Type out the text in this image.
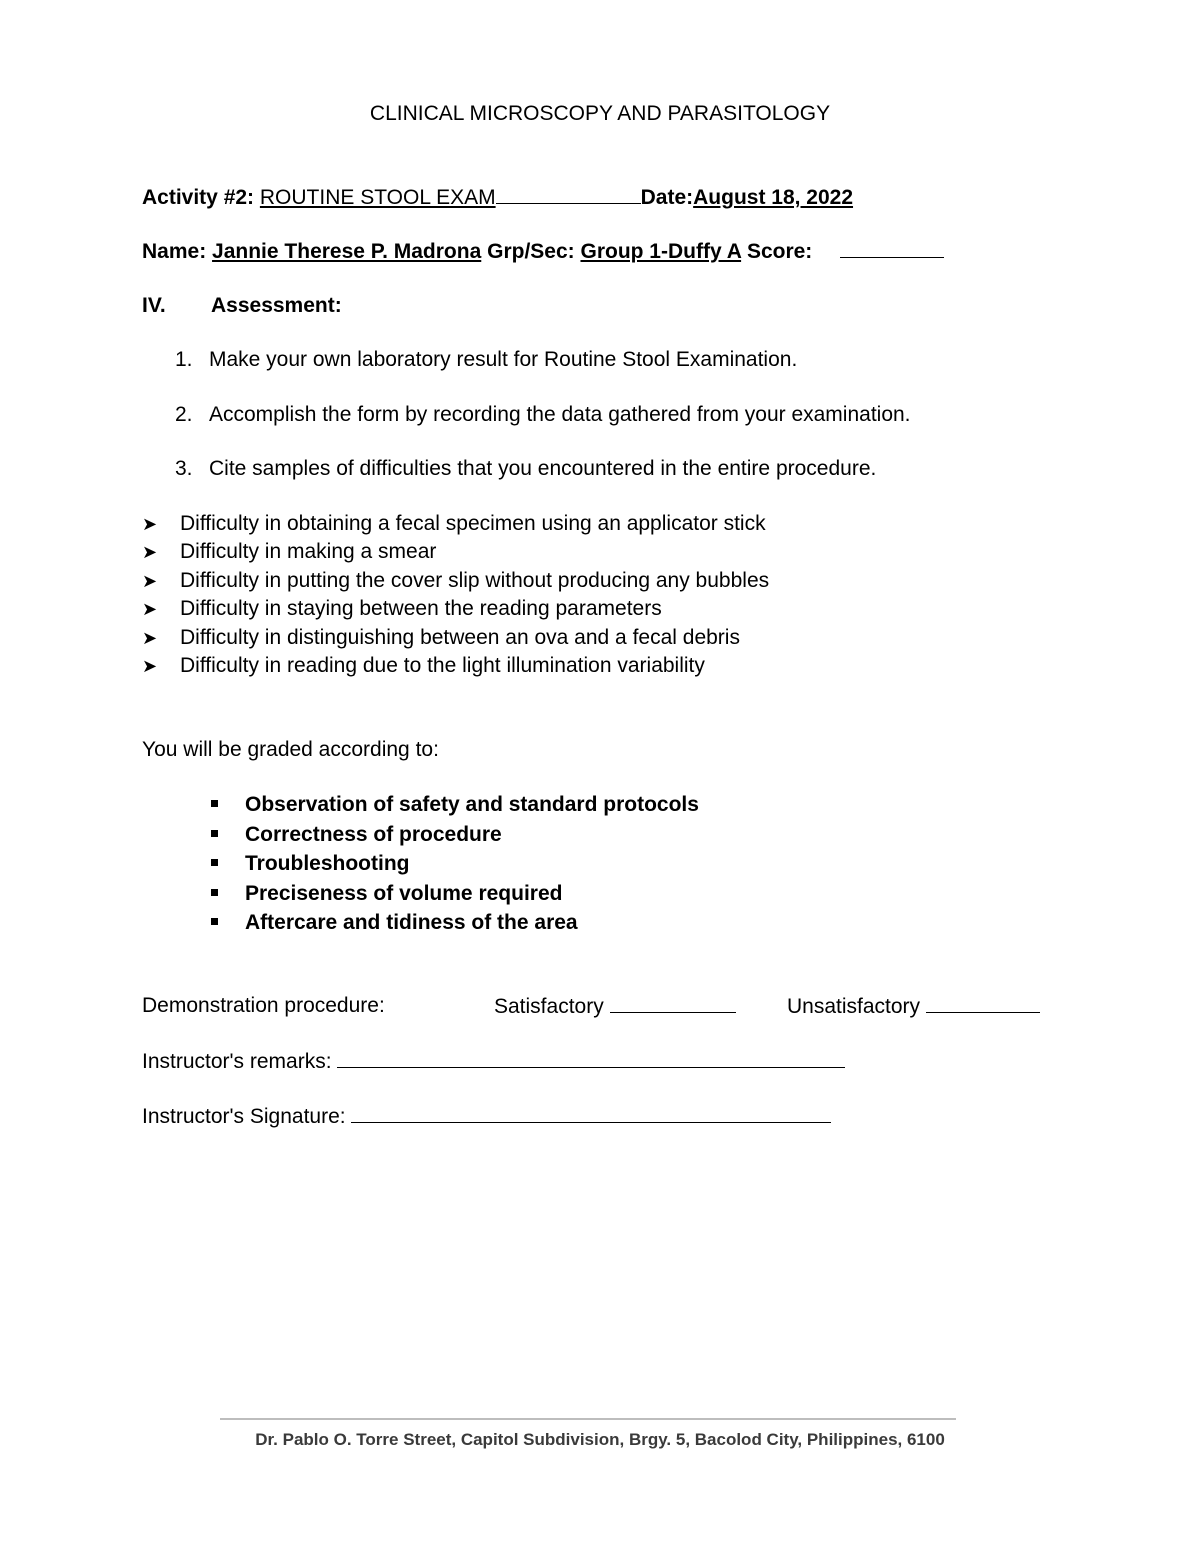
CLINICAL MICROSCOPY AND PARASITOLOGY
Activity #2: ROUTINE STOOL EXAM	Date:August 18, 2022
Name: Jannie Therese P. Madrona Grp/Sec: Group 1-Duffy A Score:
IV. Assessment:
1. Make your own laboratory result for Routine Stool Examination.
2. Accomplish the form by recording the data gathered from your examination.
3. Cite samples of difficulties that you encountered in the entire procedure.
➤ Difficulty in obtaining a fecal specimen using an applicator stick
➤ Difficulty in making a smear
➤ Difficulty in putting the cover slip without producing any bubbles
➤ Difficulty in staying between the reading parameters
➤ Difficulty in distinguishing between an ova and a fecal debris
➤ Difficulty in reading due to the light illumination variability
You will be graded according to:
Observation of safety and standard protocols
Correctness of procedure
Troubleshooting
Preciseness of volume required
Aftercare and tidiness of the area
Demonstration procedure:	Satisfactory	Unsatisfactory
Instructor's remarks:
Instructor's Signature:
Dr. Pablo O. Torre Street, Capitol Subdivision, Brgy. 5, Bacolod City, Philippines, 6100
